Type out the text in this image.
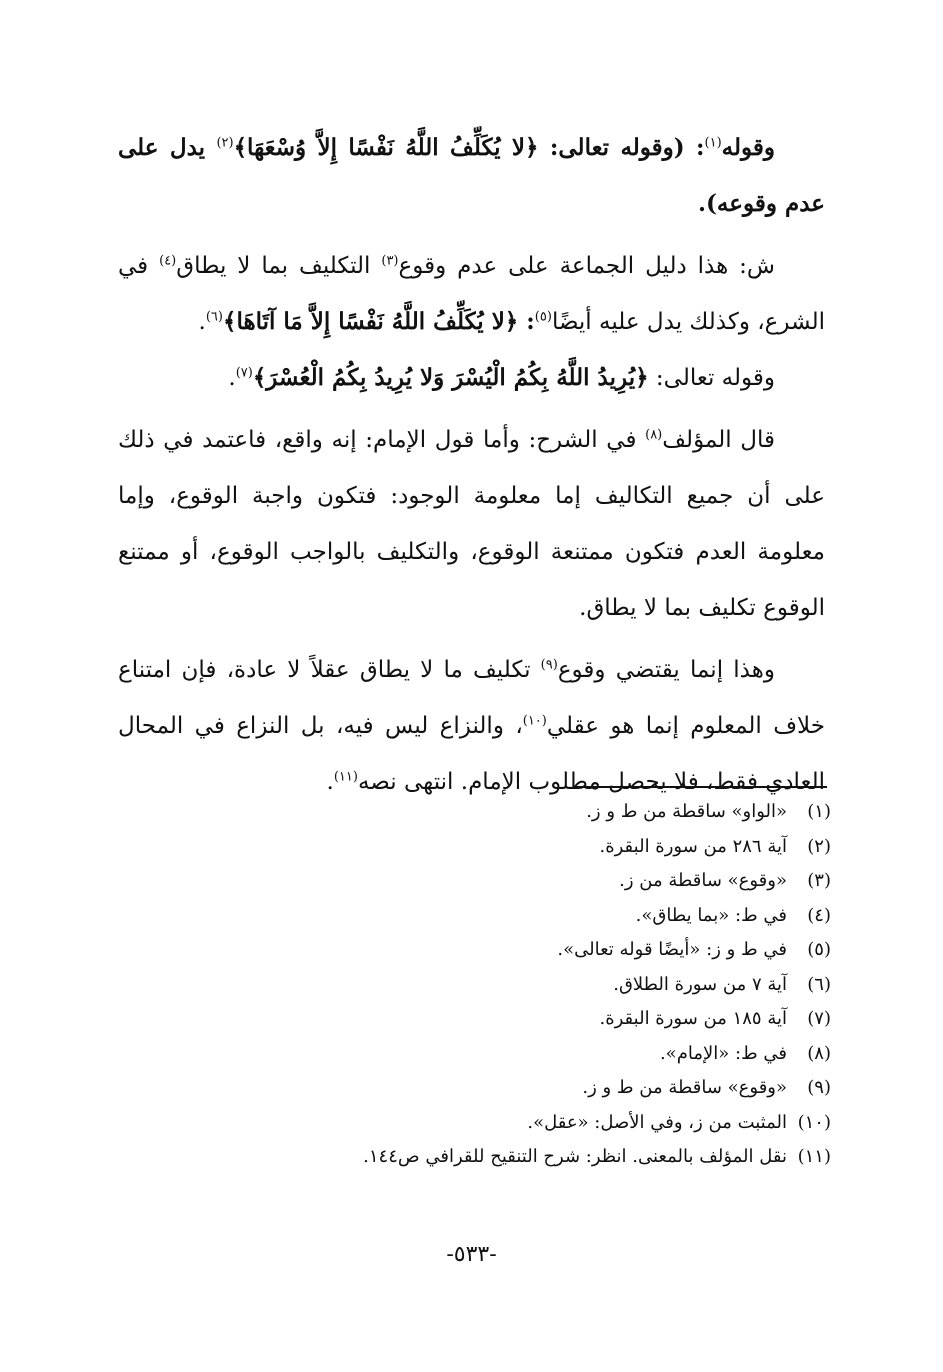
وقوله$^{(١)}$: (وقوله تعالى: ﴿لا يُكَلِّفُ اللَّهُ نَفْسًا إِلاَّ وُسْعَهَا﴾$^{(٢)}$ يدل على عدم وقوعه).

ش: هذا دليل الجماعة على عدم وقوع$^{(٣)}$ التكليف بما لا يطاق$^{(٤)}$ في الشرع، وكذلك يدل عليه أيضًا$^{(٥)}$: ﴿لا يُكَلِّفُ اللَّهُ نَفْسًا إِلاَّ مَا آتَاهَا﴾$^{(٦)}$.

وقوله تعالى: ﴿يُرِيدُ اللَّهُ بِكُمُ الْيُسْرَ وَلا يُرِيدُ بِكُمُ الْعُسْرَ﴾$^{(٧)}$.

قال المؤلف$^{(٨)}$ في الشرح: وأما قول الإمام: إنه واقع، فاعتمد في ذلك على أن جميع التكاليف إما معلومة الوجود: فتكون واجبة الوقوع، وإما معلومة العدم فتكون ممتنعة الوقوع، والتكليف بالواجب الوقوع، أو ممتنع الوقوع تكليف بما لا يطاق.

وهذا إنما يقتضي وقوع$^{(٩)}$ تكليف ما لا يطاق عقلاً لا عادة، فإن امتناع خلاف المعلوم إنما هو عقلي$^{(١٠)}$، والنزاع ليس فيه، بل النزاع في المحال العادي فقط، فلا يحصل مطلوب الإمام. انتهى نصه$^{(١١)}$.

(١)«الواو» ساقطة من ط و ز.
(٢)آية ٢٨٦ من سورة البقرة.
(٣)«وقوع» ساقطة من ز.
(٤)في ط: «بما يطاق».
(٥)في ط و ز: «أيضًا قوله تعالى».
(٦)آية ٧ من سورة الطلاق.
(٧)آية ١٨٥ من سورة البقرة.
(٨)في ط: «الإمام».
(٩)«وقوع» ساقطة من ط و ز.
(١٠)المثبت من ز، وفي الأصل: «عقل».
(١١)نقل المؤلف بالمعنى. انظر: شرح التنقيح للقرافي ص١٤٤.
-٥٣٣-
